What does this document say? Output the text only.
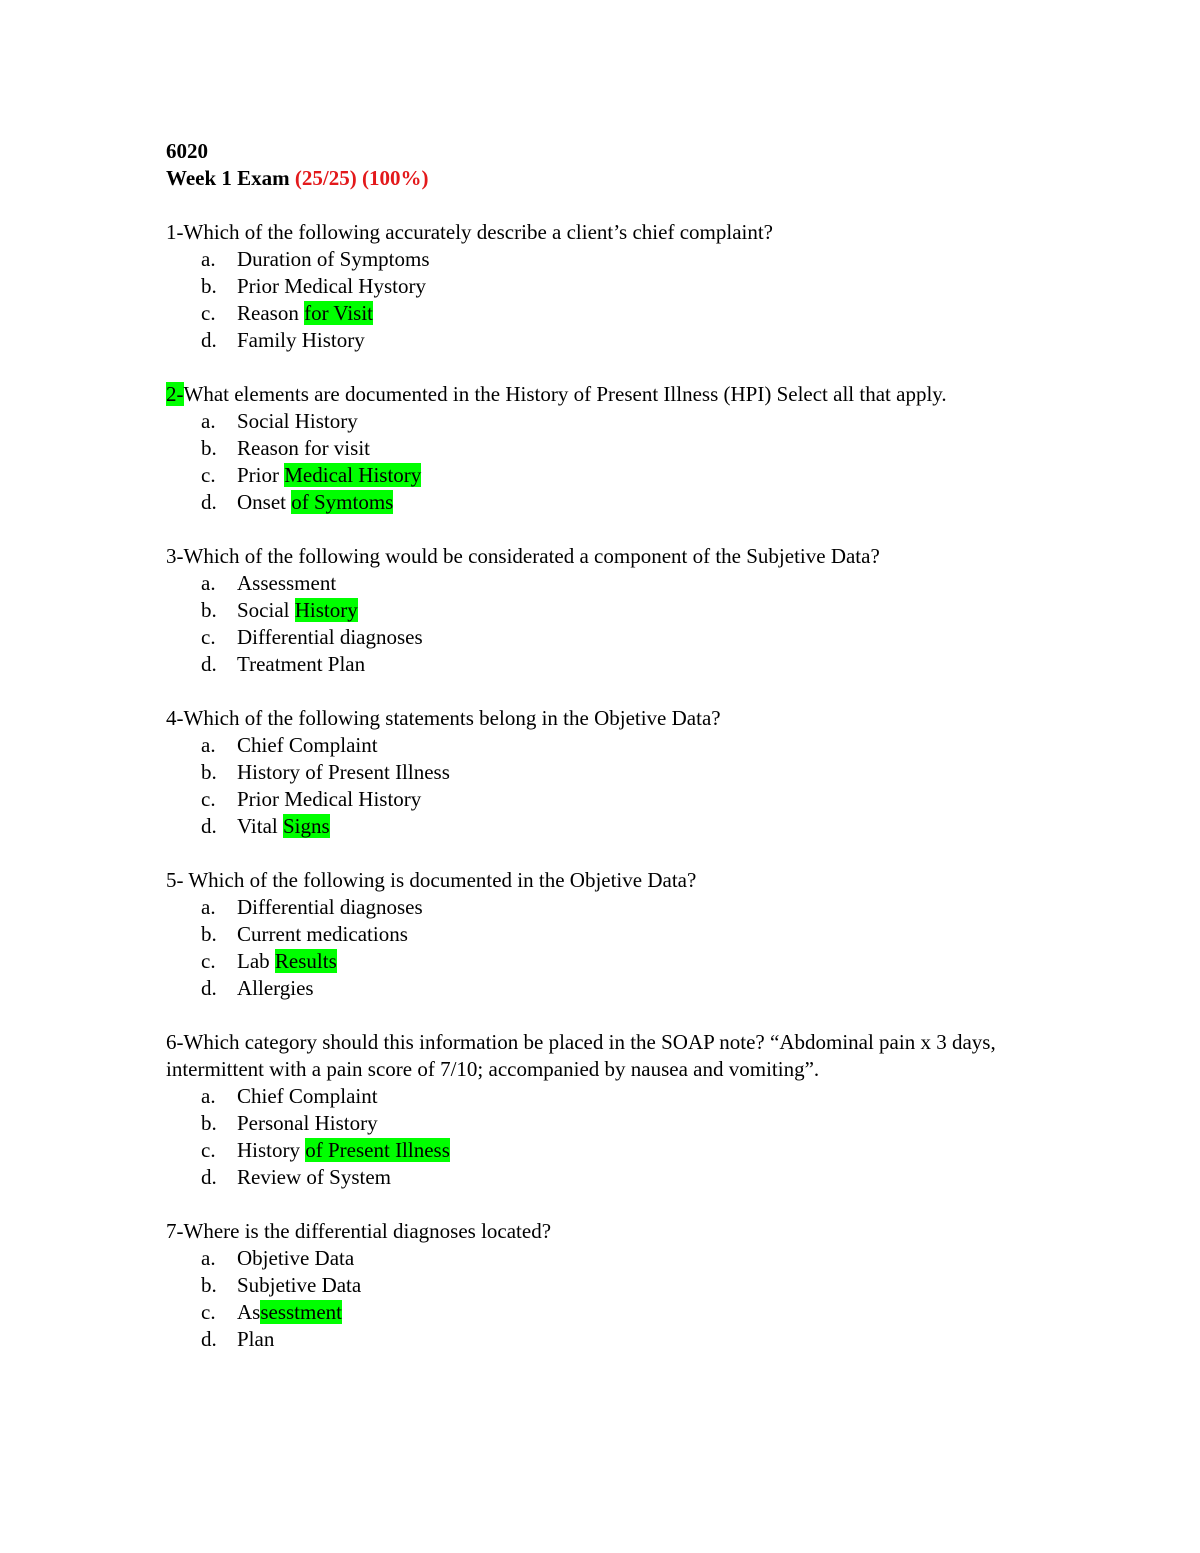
6020
Week 1 Exam (25/25) (100%)
1-Which of the following accurately describe a client’s chief complaint?
a.	Duration of Symptoms
b. Prior Medical Hystory
c.	Reason for Visit
d. Family History
2-What elements are documented in the History of Present Illness (HPI) Select all that apply.
a.	Social History
b. Reason for visit
c.	Prior Medical History
d. Onset of Symtoms
3-Which of the following would be considerated a component of the Subjetive Data?
a.	Assessment
b. Social History
c.	Differential diagnoses
d. Treatment Plan
4-Which of the following statements belong in the Objetive Data?
a.	Chief Complaint
b. History of Present Illness
c.	Prior Medical History
d. Vital Signs
5- Which of the following is documented in the Objetive Data?
a.	Differential diagnoses
b. Current medications
c.	Lab Results
d. Allergies
6-Which category should this information be placed in the SOAP note? “Abdominal pain x 3 days, intermittent with a pain score of 7/10; accompanied by nausea and vomiting”.
a.	Chief Complaint
b. Personal History
c.	History of Present Illness
d. Review of System
7-Where is the differential diagnoses located?
a.	Objetive Data
b. Subjetive Data
c.	Assesstment
d. Plan
